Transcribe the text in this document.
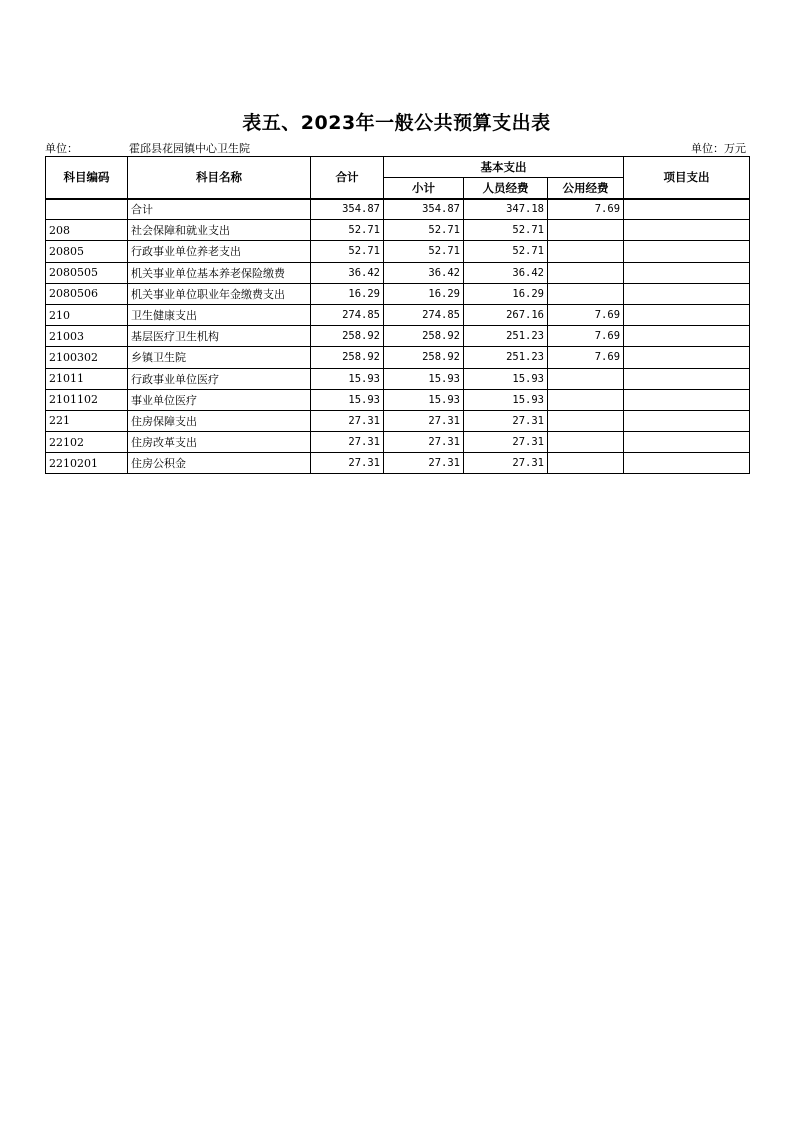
表五、2023年一般公共预算支出表
单位：	霍邱县花园镇中心卫生院	单位：万元
科目编码	科目名称	合计	基本支出			项目支出
			小计	人员经费	公用经费	
	合计	354.87	354.87	347.18	7.69	
208	社会保障和就业支出	52.71	52.71	52.71		
20805	行政事业单位养老支出	52.71	52.71	52.71		
2080505	机关事业单位基本养老保险缴费	36.42	36.42	36.42		
2080506	机关事业单位职业年金缴费支出	16.29	16.29	16.29		
210	卫生健康支出	274.85	274.85	267.16	7.69	
21003	基层医疗卫生机构	258.92	258.92	251.23	7.69	
2100302	乡镇卫生院	258.92	258.92	251.23	7.69	
21011	行政事业单位医疗	15.93	15.93	15.93		
2101102	事业单位医疗	15.93	15.93	15.93		
221	住房保障支出	27.31	27.31	27.31		
22102	住房改革支出	27.31	27.31	27.31		
2210201	住房公积金	27.31	27.31	27.31		
